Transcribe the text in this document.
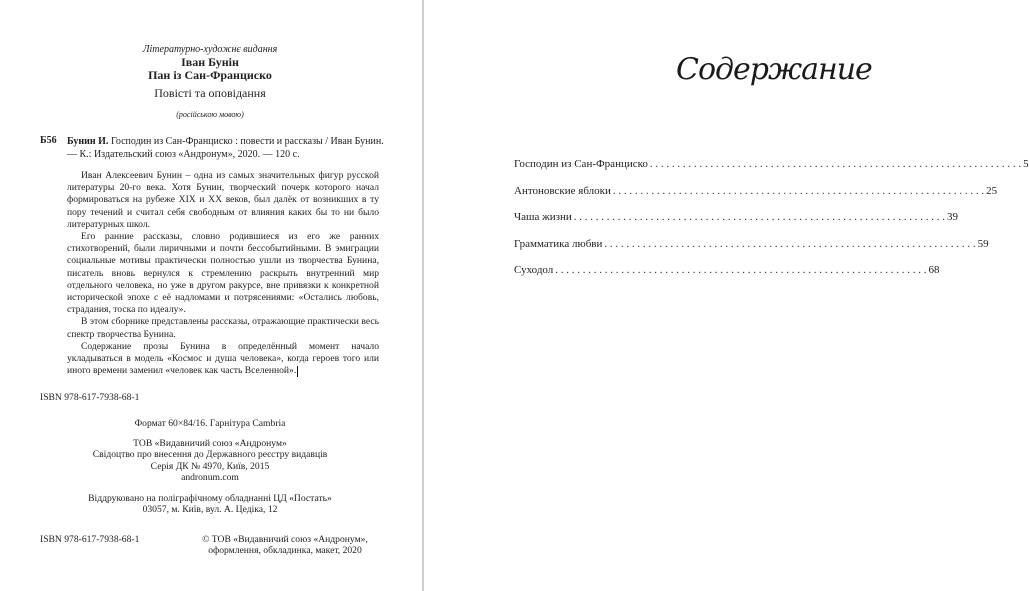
Літературно-художнє видання

Іван Бунін

Пан із Сан-Франциско

Повісті та оповідання

(російською мовою)

Б56 Бунин И. Господин из Сан-Франциско : повести и рассказы / Иван Бунин. — К.: Издательский союз «Андронум», 2020. — 120 с.

Иван Алексеевич Бунин – одна из самых значительных фигур русской литературы 20-го века. Хотя Бунин, творческий почерк которого начал формироваться на рубеже XIX и XX веков, был далёк от возникших в ту пору течений и считал себя свободным от влияния каких бы то ни было литературных школ.

Его ранние рассказы, словно родившиеся из его же ранних стихотворений, были лиричными и почти бессобытийными. В эмиграции социальные мотивы практически полностью ушли из творчества Бунина, писатель вновь вернулся к стремлению раскрыть внутренний мир отдельного человека, но уже в другом ракурсе, вне привязки к конкретной исторической эпохе с её надломами и потрясениями: «Остались любовь, страдания, тоска по идеалу».

В этом сборнике представлены рассказы, отражающие практически весь спектр творчества Бунина.

Содержание прозы Бунина в определённый момент начало укладываться в модель «Космос и душа человека», когда героев того или иного времени заменил «человек как часть Вселенной».

ISBN 978-617-7938-68-1

Формат 60×84/16. Гарнітура Cambria

ТОВ «Видавничий союз «Андронум»
Свідоцтво про внесення до Державного реєстру видавців
Серія ДК № 4970, Київ, 2015
andronum.com
Віддруковано на поліграфічному обладнанні ЦД «Постать»
03057, м. Київ, вул. А. Цедіка, 12

ISBN 978-617-7938-68-1	© ТОВ «Видавничий союз «Андронум»,
оформлення, обкладинка, макет, 2020

Содержание

Господин из Сан-Франциско . . .	5
Антоновские яблоки . . .	25
Чаша жизни . . .	39
Грамматика любви . . .	59
Суходол . . .	68
